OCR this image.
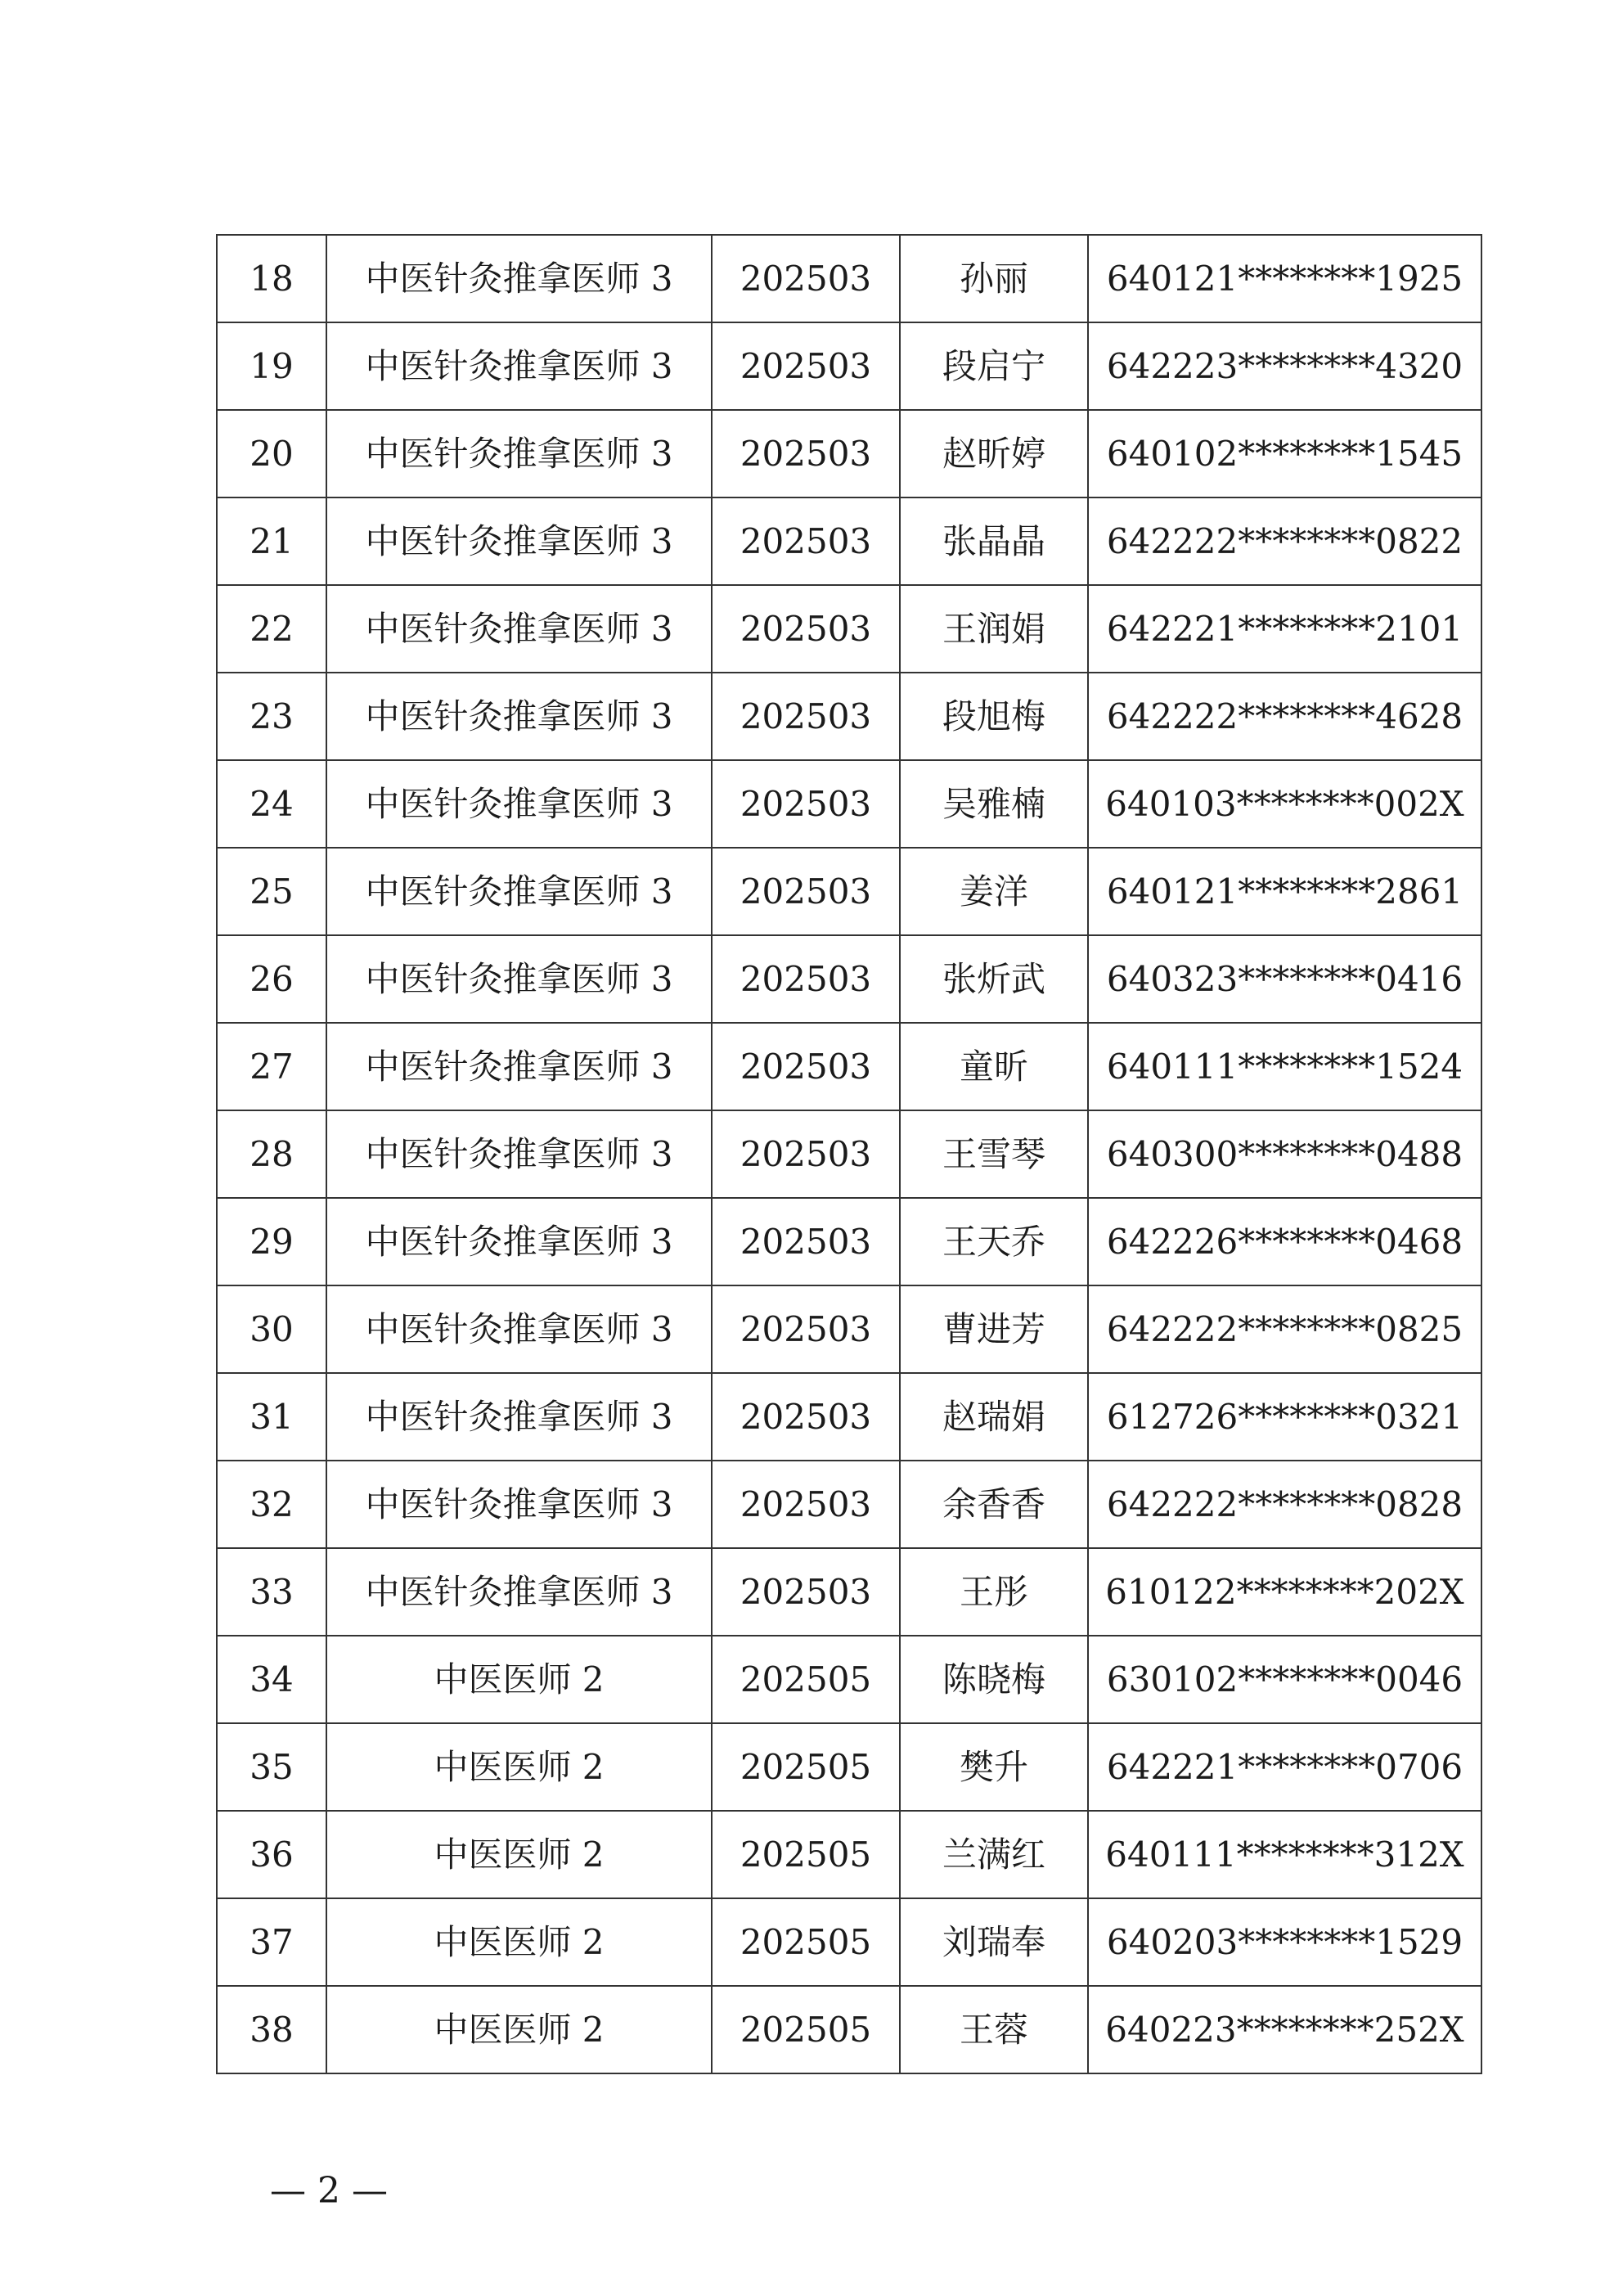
18	中医针灸推拿医师 3	202503	孙丽	640121********1925
19	中医针灸推拿医师 3	202503	段启宁	642223********4320
20	中医针灸推拿医师 3	202503	赵昕婷	640102********1545
21	中医针灸推拿医师 3	202503	张晶晶	642222********0822
22	中医针灸推拿医师 3	202503	王润娟	642221********2101
23	中医针灸推拿医师 3	202503	段旭梅	642222********4628
24	中医针灸推拿医师 3	202503	吴雅楠	640103********002X
25	中医针灸推拿医师 3	202503	姜洋	640121********2861
26	中医针灸推拿医师 3	202503	张炘武	640323********0416
27	中医针灸推拿医师 3	202503	童昕	640111********1524
28	中医针灸推拿医师 3	202503	王雪琴	640300********0488
29	中医针灸推拿医师 3	202503	王天乔	642226********0468
30	中医针灸推拿医师 3	202503	曹进芳	642222********0825
31	中医针灸推拿医师 3	202503	赵瑞娟	612726********0321
32	中医针灸推拿医师 3	202503	余香香	642222********0828
33	中医针灸推拿医师 3	202503	王彤	610122********202X
34	中医医师 2	202505	陈晓梅	630102********0046
35	中医医师 2	202505	樊升	642221********0706
36	中医医师 2	202505	兰满红	640111********312X
37	中医医师 2	202505	刘瑞奉	640203********1529
38	中医医师 2	202505	王蓉	640223********252X
— 2 —
